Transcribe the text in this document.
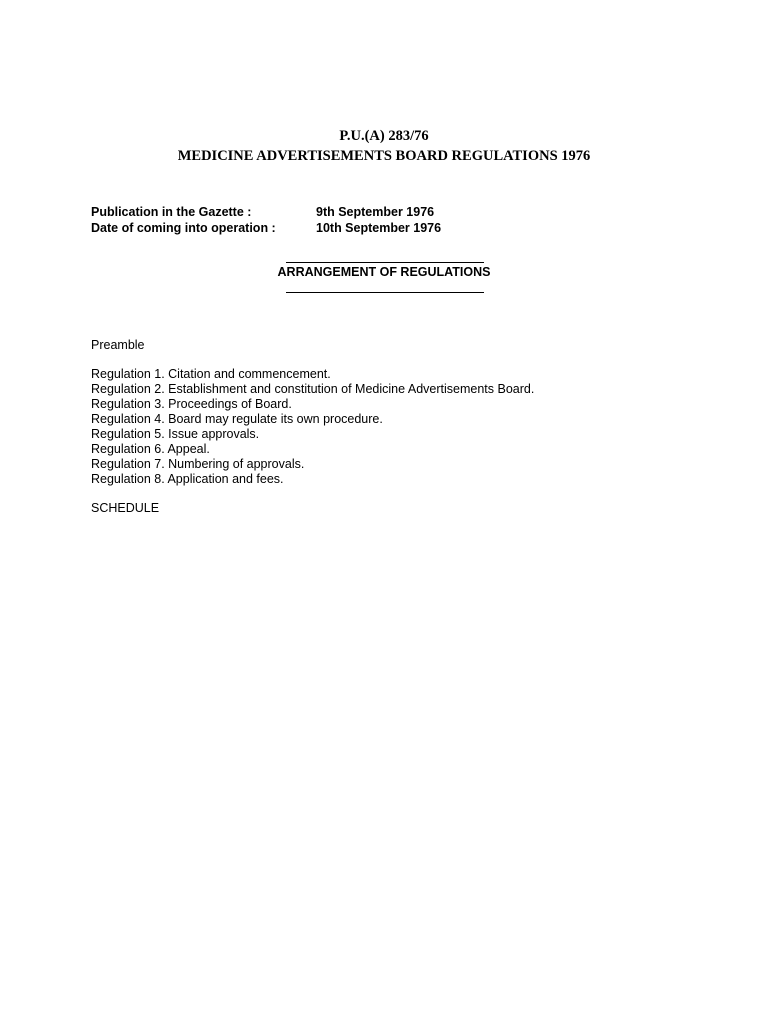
P.U.(A) 283/76
MEDICINE ADVERTISEMENTS BOARD REGULATIONS 1976
Publication in the Gazette :	9th September 1976
Date of coming into operation :	10th September 1976
ARRANGEMENT OF REGULATIONS
Preamble
Regulation 1. Citation and commencement.
Regulation 2. Establishment and constitution of Medicine Advertisements Board.
Regulation 3. Proceedings of Board.
Regulation 4. Board may regulate its own procedure.
Regulation 5. Issue approvals.
Regulation 6. Appeal.
Regulation 7. Numbering of approvals.
Regulation 8. Application and fees.
SCHEDULE
